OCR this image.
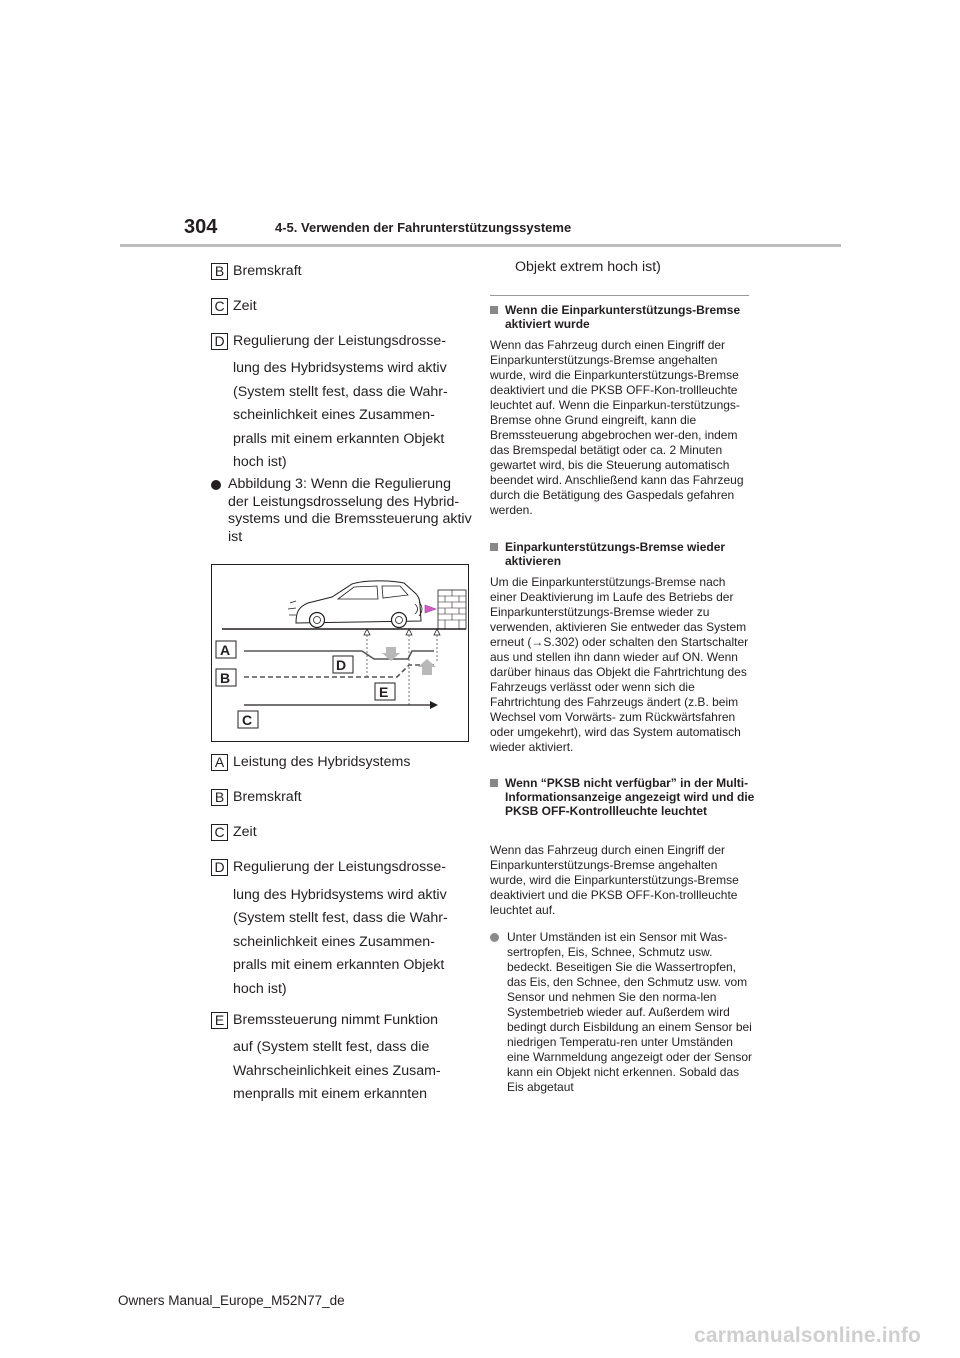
304	4-5. Verwenden der Fahrunterstützungssysteme
B Bremskraft
C Zeit
D Regulierung der Leistungsdrosse-
lung des Hybridsystems wird aktiv
(System stellt fest, dass die Wahr-
scheinlichkeit eines Zusammen-
pralls mit einem erkannten Objekt
hoch ist)
Abbildung 3: Wenn die Regulierung der Leistungsdrosselung des Hybrid-systems und die Bremssteuerung aktiv ist
A
B
C
D
E
A Leistung des Hybridsystems
B Bremskraft
C Zeit
D Regulierung der Leistungsdrosse-
lung des Hybridsystems wird aktiv
(System stellt fest, dass die Wahr-
scheinlichkeit eines Zusammen-
pralls mit einem erkannten Objekt
hoch ist)
E Bremssteuerung nimmt Funktion
auf (System stellt fest, dass die
Wahrscheinlichkeit eines Zusam-
menpralls mit einem erkannten
Objekt extrem hoch ist)
Wenn die Einparkunterstützungs-Bremse aktiviert wurde
Wenn das Fahrzeug durch einen Eingriff der Einparkunterstützungs-Bremse angehalten wurde, wird die Einparkunterstützungs-Bremse deaktiviert und die PKSB OFF-Kon-trollleuchte leuchtet auf. Wenn die Einparkun-terstützungs-Bremse ohne Grund eingreift, kann die Bremssteuerung abgebrochen wer-den, indem das Bremspedal betätigt oder ca. 2 Minuten gewartet wird, bis die Steuerung automatisch beendet wird. Anschließend kann das Fahrzeug durch die Betätigung des Gaspedals gefahren werden.
Einparkunterstützungs-Bremse wieder aktivieren
Um die Einparkunterstützungs-Bremse nach einer Deaktivierung im Laufe des Betriebs der Einparkunterstützungs-Bremse wieder zu verwenden, aktivieren Sie entweder das System erneut (→S.302) oder schalten den Startschalter aus und stellen ihn dann wieder auf ON. Wenn darüber hinaus das Objekt die Fahrtrichtung des Fahrzeugs verlässt oder wenn sich die Fahrtrichtung des Fahrzeugs ändert (z.B. beim Wechsel vom Vorwärts- zum Rückwärtsfahren oder umgekehrt), wird das System automatisch wieder aktiviert.
Wenn “PKSB nicht verfügbar” in der Multi-Informationsanzeige angezeigt wird und die PKSB OFF-Kontrollleuchte leuchtet
Wenn das Fahrzeug durch einen Eingriff der Einparkunterstützungs-Bremse angehalten wurde, wird die Einparkunterstützungs-Bremse deaktiviert und die PKSB OFF-Kon-trollleuchte leuchtet auf.
Unter Umständen ist ein Sensor mit Was-sertropfen, Eis, Schnee, Schmutz usw. bedeckt. Beseitigen Sie die Wassertropfen, das Eis, den Schnee, den Schmutz usw. vom Sensor und nehmen Sie den norma-len Systembetrieb wieder auf. Außerdem wird bedingt durch Eisbildung an einem Sensor bei niedrigen Temperatu-ren unter Umständen eine Warnmeldung angezeigt oder der Sensor kann ein Objekt nicht erkennen. Sobald das Eis abgetaut
Owners Manual_Europe_M52N77_de
carmanualsonline.info
